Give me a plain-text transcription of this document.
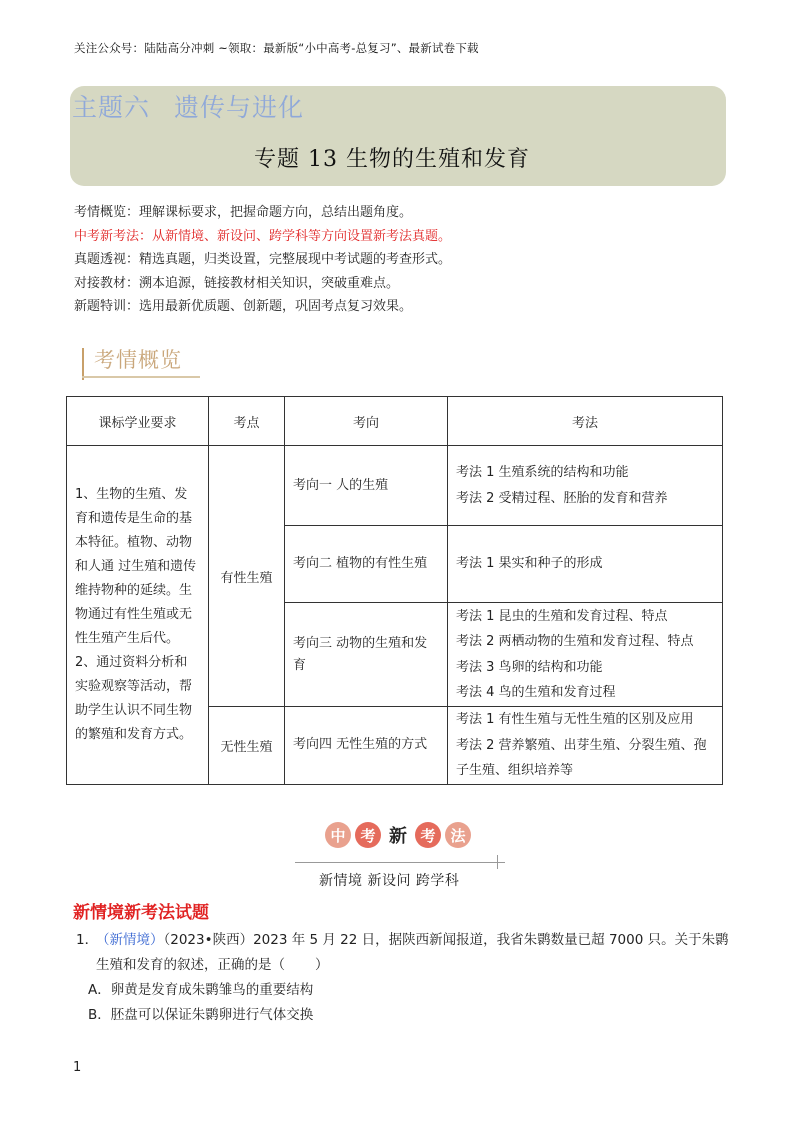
关注公众号：陆陆高分冲刺 ~领取：最新版“小中高考-总复习”、最新试卷下载
主题六 遗传与进化
专题 13 生物的生殖和发育
考情概览：理解课标要求，把握命题方向，总结出题角度。
中考新考法：从新情境、新设问、跨学科等方向设置新考法真题。
真题透视：精选真题，归类设置，完整展现中考试题的考查形式。
对接教材：溯本追源，链接教材相关知识，突破重难点。
新题特训：选用最新优质题、创新题，巩固考点复习效果。
考情概览
课标学业要求	考点	考向	考法
1、生物的生殖、发育和遗传是生命的基本特征。植物、动物和人通 过生殖和遗传维持物种的延续。生物通过有性生殖或无性生殖产生后代。2、通过资料分析和实验观察等活动，帮助学生认识不同生物的繁殖和发育方式。	有性生殖	考向一 人的生殖	考法 1 生殖系统的结构和功能
考法 2 受精过程、胚胎的发育和营养

		考向二 植物的有性生殖	考法 1 果实和种子的形成

		考向三 动物的生殖和发育	考法 1 昆虫的生殖和发育过程、特点
考法 2 两栖动物的生殖和发育过程、特点
考法 3 鸟卵的结构和功能
考法 4 鸟的生殖和发育过程

	无性生殖	考向四 无性生殖的方式	考法 1 有性生殖与无性生殖的区别及应用
考法 2 营养繁殖、出芽生殖、分裂生殖、孢子生殖、组织培养等
中 考 新 考 法
新情境 新设问 跨学科
新情境新考法试题
1．
（新情境）（2023•陕西）2023 年 5 月 22 日，据陕西新闻报道，我省朱鹮数量已超 7000 只。关于朱鹮生殖和发育的叙述，正确的是（ ）
A．卵黄是发育成朱鹮雏鸟的重要结构
B．胚盘可以保证朱鹮卵进行气体交换
1
